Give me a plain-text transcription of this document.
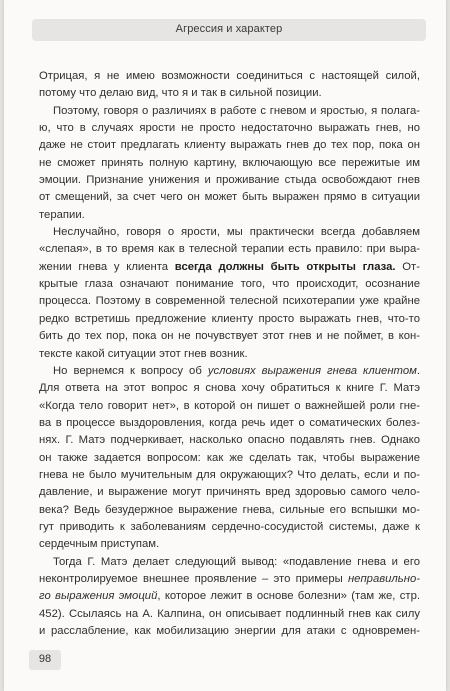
Агрессия и характер

Отрицая, я не имею возможности соединиться с настоящей силой,
потому что делаю вид, что я и так в сильной позиции.

Поэтому, говоря о различиях в работе с гневом и яростью, я полага-
ю, что в случаях ярости не просто недостаточно выражать гнев, но
даже не стоит предлагать клиенту выражать гнев до тех пор, пока он
не сможет принять полную картину, включающую все пережитые им
эмоции. Признание унижения и проживание стыда освобождают гнев
от смещений, за счет чего он может быть выражен прямо в ситуации
терапии.

Неслучайно, говоря о ярости, мы практически всегда добавляем
«слепая», в то время как в телесной терапии есть правило: при выра-
жении гнева у клиента всегда должны быть открыты глаза. От-
крытые глаза означают понимание того, что происходит, осознание
процесса. Поэтому в современной телесной психотерапии уже крайне
редко встретишь предложение клиенту просто выражать гнев, что-то
бить до тех пор, пока он не почувствует этот гнев и не поймет, в кон-
тексте какой ситуации этот гнев возник.

Но вернемся к вопросу об условиях выражения гнева клиентом.
Для ответа на этот вопрос я снова хочу обратиться к книге Г. Матэ
«Когда тело говорит нет», в которой он пишет о важнейшей роли гне-
ва в процессе выздоровления, когда речь идет о соматических болез-
нях. Г. Матэ подчеркивает, насколько опасно подавлять гнев. Однако
он также задается вопросом: как же сделать так, чтобы выражение
гнева не было мучительным для окружающих? Что делать, если и по-
давление, и выражение могут причинять вред здоровью самого чело-
века? Ведь безудержное выражение гнева, сильные его вспышки мо-
гут приводить к заболеваниям сердечно-сосудистой системы, даже к
сердечным приступам.

Тогда Г. Матэ делает следующий вывод: «подавление гнева и его
неконтролируемое внешнее проявление – это примеры неправильно-
го выражения эмоций, которое лежит в основе болезни» (там же, стр.
452). Ссылаясь на А. Калпина, он описывает подлинный гнев как силу
и расслабление, как мобилизацию энергии для атаки с одновремен-

98
